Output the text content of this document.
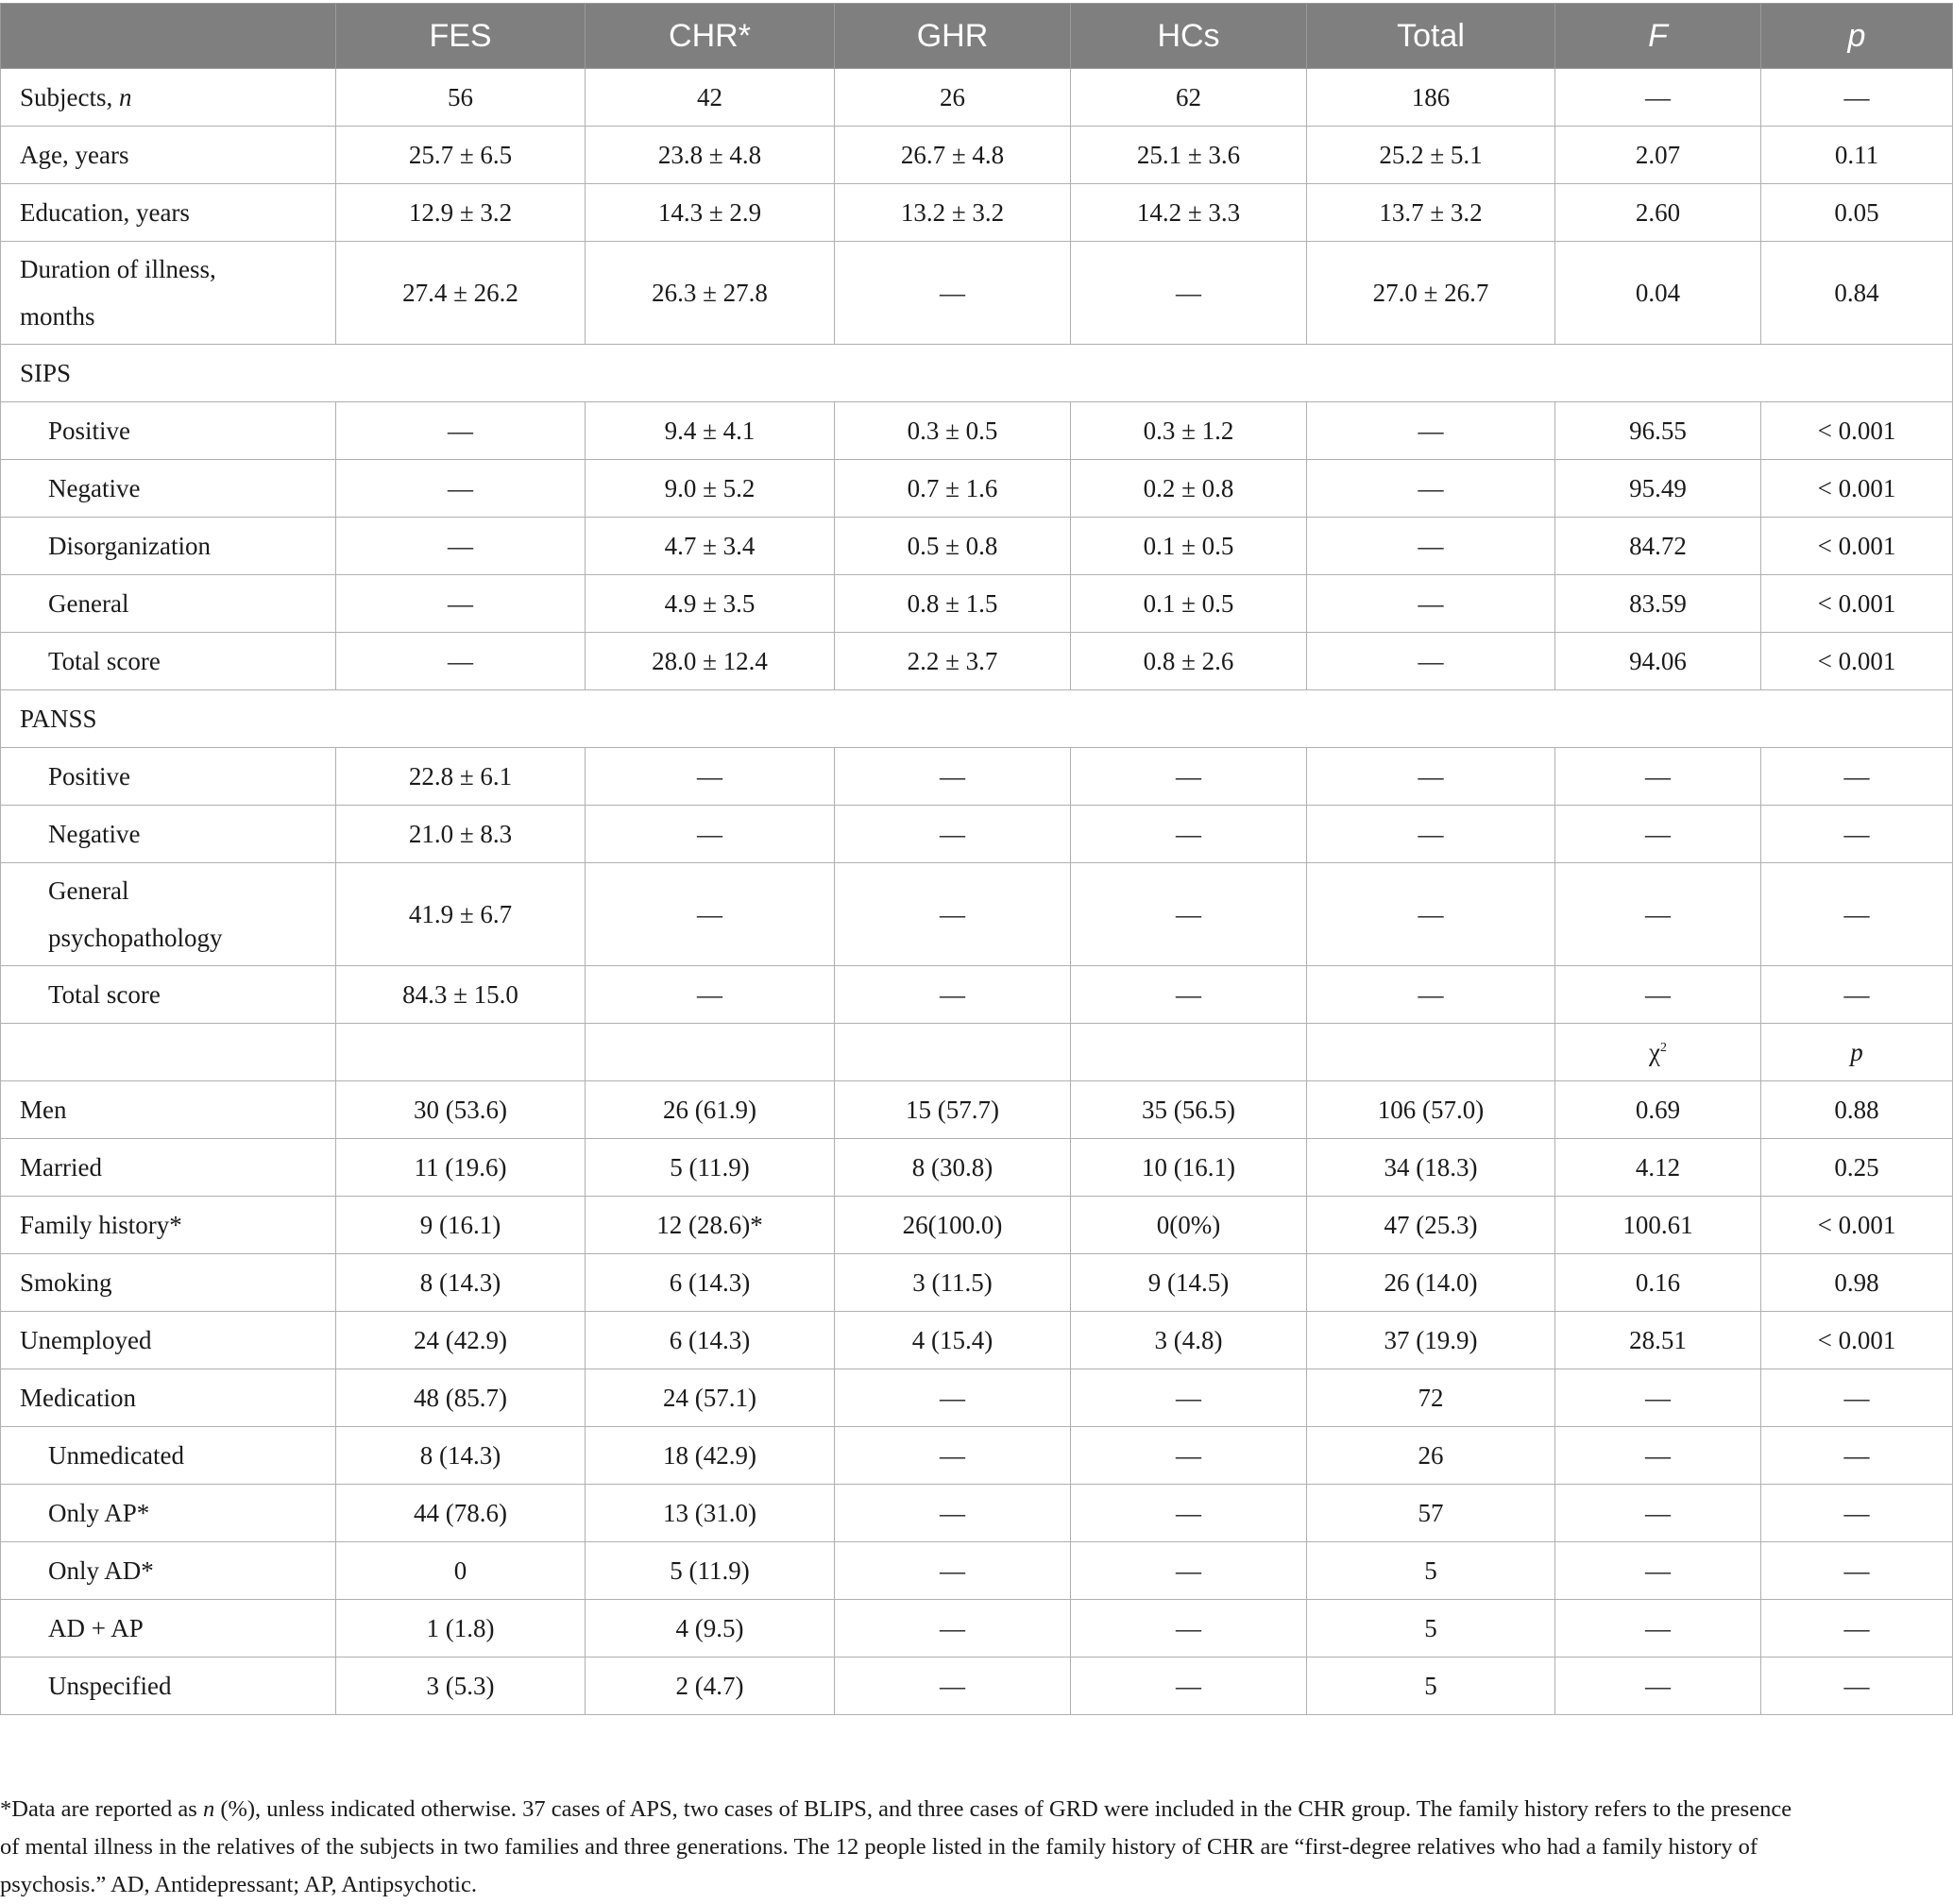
	FES	CHR*	GHR	HCs	Total	F	p
Subjects, n	56	42	26	62	186	—	—
Age, years	25.7 ± 6.5	23.8 ± 4.8	26.7 ± 4.8	25.1 ± 3.6	25.2 ± 5.1	2.07	0.11
Education, years	12.9 ± 3.2	14.3 ± 2.9	13.2 ± 3.2	14.2 ± 3.3	13.7 ± 3.2	2.60	0.05
Duration of illness, months	27.4 ± 26.2	26.3 ± 27.8	—	—	27.0 ± 26.7	0.04	0.84
SIPS							
Positive	—	9.4 ± 4.1	0.3 ± 0.5	0.3 ± 1.2	—	96.55	< 0.001
Negative	—	9.0 ± 5.2	0.7 ± 1.6	0.2 ± 0.8	—	95.49	< 0.001
Disorganization	—	4.7 ± 3.4	0.5 ± 0.8	0.1 ± 0.5	—	84.72	< 0.001
General	—	4.9 ± 3.5	0.8 ± 1.5	0.1 ± 0.5	—	83.59	< 0.001
Total score	—	28.0 ± 12.4	2.2 ± 3.7	0.8 ± 2.6	—	94.06	< 0.001
PANSS							
Positive	22.8 ± 6.1	—	—	—	—	—	—
Negative	21.0 ± 8.3	—	—	—	—	—	—
General psychopathology	41.9 ± 6.7	—	—	—	—	—	—
Total score	84.3 ± 15.0	—	—	—	—	—	—
						$\chi^2$	p
Men	30 (53.6)	26 (61.9)	15 (57.7)	35 (56.5)	106 (57.0)	0.69	0.88
Married	11 (19.6)	5 (11.9)	8 (30.8)	10 (16.1)	34 (18.3)	4.12	0.25
Family history*	9 (16.1)	12 (28.6)*	26(100.0)	0(0%)	47 (25.3)	100.61	< 0.001
Smoking	8 (14.3)	6 (14.3)	3 (11.5)	9 (14.5)	26 (14.0)	0.16	0.98
Unemployed	24 (42.9)	6 (14.3)	4 (15.4)	3 (4.8)	37 (19.9)	28.51	< 0.001
Medication	48 (85.7)	24 (57.1)	—	—	72	—	—
Unmedicated	8 (14.3)	18 (42.9)	—	—	26	—	—
Only AP*	44 (78.6)	13 (31.0)	—	—	57	—	—
Only AD*	0	5 (11.9)	—	—	5	—	—
AD + AP	1 (1.8)	4 (9.5)	—	—	5	—	—
Unspecified	3 (5.3)	2 (4.7)	—	—	5	—	—
*Data are reported as n (%), unless indicated otherwise. 37 cases of APS, two cases of BLIPS, and three cases of GRD were included in the CHR group. The family history refers to the presence
of mental illness in the relatives of the subjects in two families and three generations. The 12 people listed in the family history of CHR are “first-degree relatives who had a family history of
psychosis.” AD, Antidepressant; AP, Antipsychotic.
